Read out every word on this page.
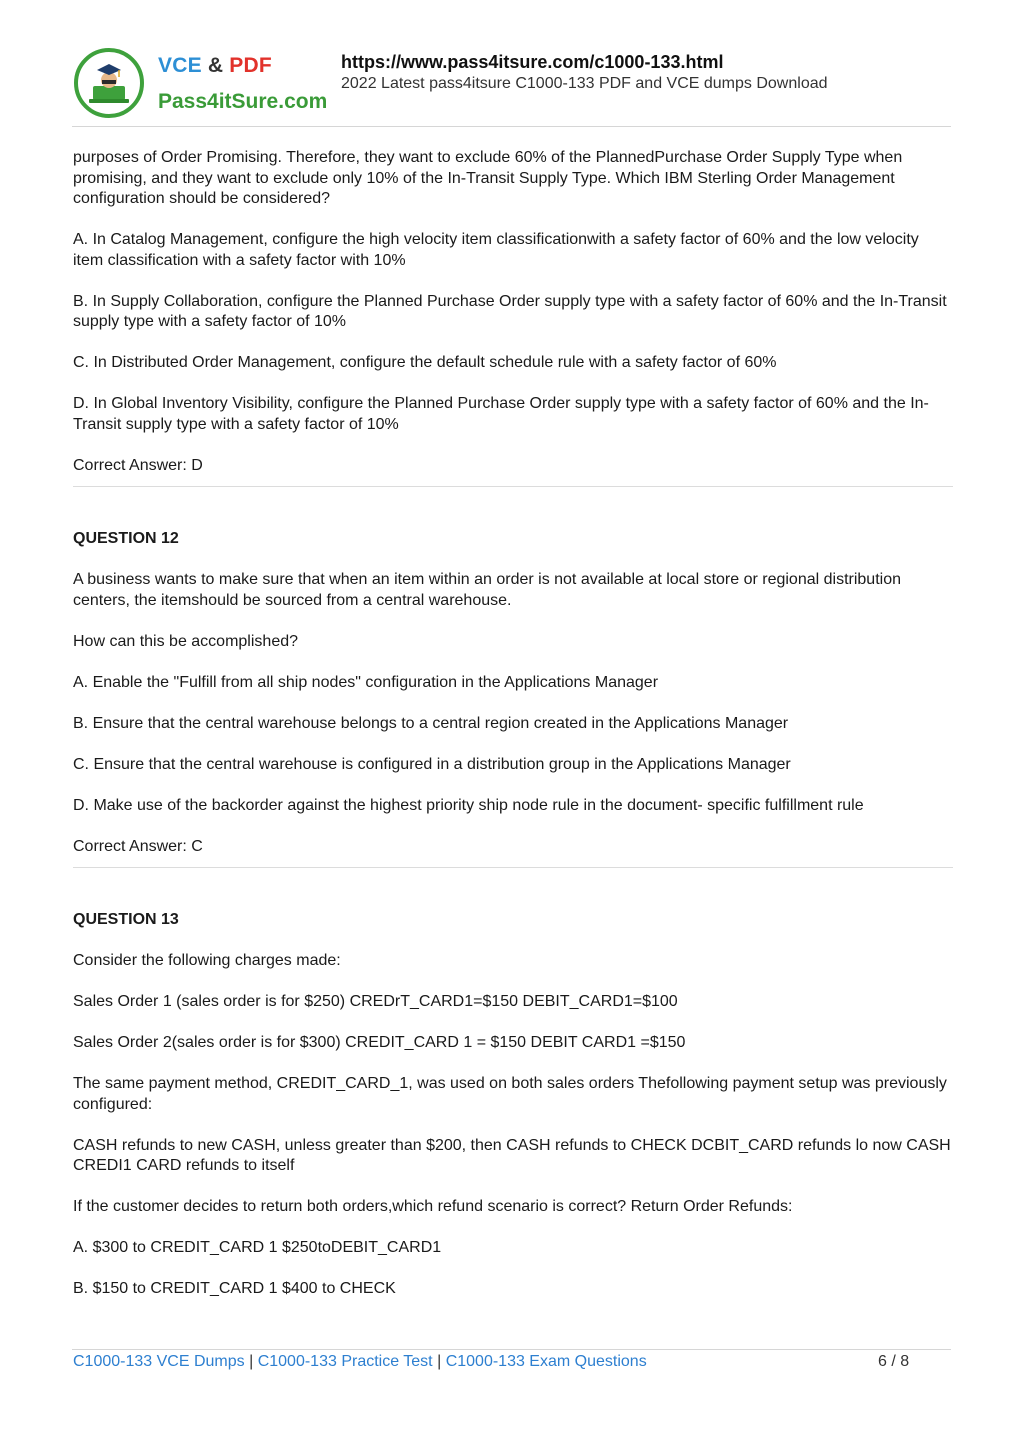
VCE & PDF
Pass4itSure.com
https://www.pass4itsure.com/c1000-133.html
2022 Latest pass4itsure C1000-133 PDF and VCE dumps Download

purposes of Order Promising. Therefore, they want to exclude 60% of the PlannedPurchase Order Supply Type when promising, and they want to exclude only 10% of the In-Transit Supply Type. Which IBM Sterling Order Management configuration should be considered?

A. In Catalog Management, configure the high velocity item classificationwith a safety factor of 60% and the low velocity item classification with a safety factor with 10%

B. In Supply Collaboration, configure the Planned Purchase Order supply type with a safety factor of 60% and the In-Transit supply type with a safety factor of 10%

C. In Distributed Order Management, configure the default schedule rule with a safety factor of 60%

D. In Global Inventory Visibility, configure the Planned Purchase Order supply type with a safety factor of 60% and the In-Transit supply type with a safety factor of 10%

Correct Answer: D

QUESTION 12

A business wants to make sure that when an item within an order is not available at local store or regional distribution centers, the itemshould be sourced from a central warehouse.

How can this be accomplished?

A. Enable the "Fulfill from all ship nodes" configuration in the Applications Manager

B. Ensure that the central warehouse belongs to a central region created in the Applications Manager

C. Ensure that the central warehouse is configured in a distribution group in the Applications Manager

D. Make use of the backorder against the highest priority ship node rule in the document- specific fulfillment rule

Correct Answer: C

QUESTION 13

Consider the following charges made:

Sales Order 1 (sales order is for $250) CREDrT_CARD1=$150 DEBIT_CARD1=$100

Sales Order 2(sales order is for $300) CREDIT_CARD 1 = $150 DEBIT CARD1 =$150

The same payment method, CREDIT_CARD_1, was used on both sales orders Thefollowing payment setup was previously configured:

CASH refunds to new CASH, unless greater than $200, then CASH refunds to CHECK DCBIT_CARD refunds lo now CASH CREDI1 CARD refunds to itself

If the customer decides to return both orders,which refund scenario is correct? Return Order Refunds:

A. $300 to CREDIT_CARD 1 $250toDEBIT_CARD1

B. $150 to CREDIT_CARD 1 $400 to CHECK

C1000-133 VCE Dumps | C1000-133 Practice Test | C1000-133 Exam Questions	6 / 8
